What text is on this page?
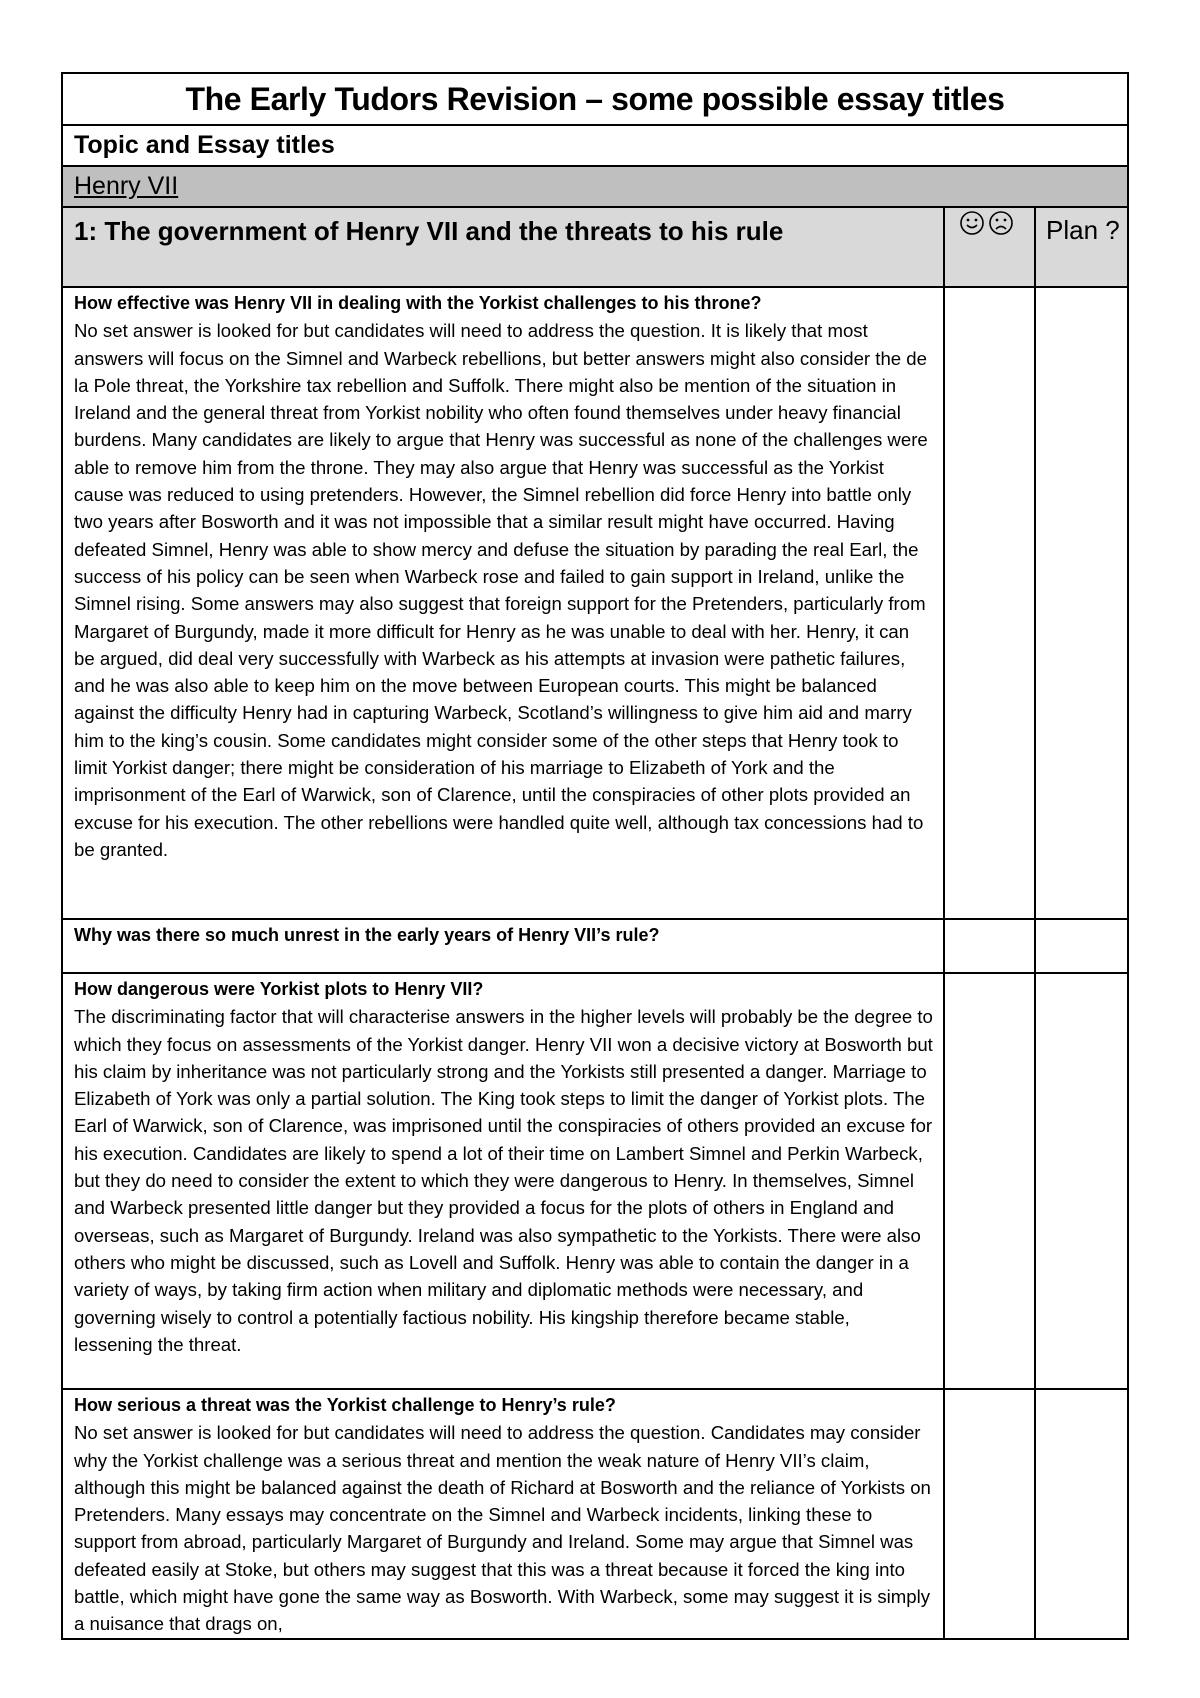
The Early Tudors Revision – some possible essay titles		
Topic and Essay titles		
Henry VII		
1: The government of Henry VII and the threats to his rule		Plan ?

How effective was Henry VII in dealing with the Yorkist challenges to his throne?
No set answer is looked for but candidates will need to address the question. It is likely that most answers will focus on the Simnel and Warbeck rebellions, but better answers might also consider the de la Pole threat, the Yorkshire tax rebellion and Suffolk. There might also be mention of the situation in Ireland and the general threat from Yorkist nobility who often found themselves under heavy financial burdens. Many candidates are likely to argue that Henry was successful as none of the challenges were able to remove him from the throne. They may also argue that Henry was successful as the Yorkist cause was reduced to using pretenders. However, the Simnel rebellion did force Henry into battle only two years after Bosworth and it was not impossible that a similar result might have occurred. Having defeated Simnel, Henry was able to show mercy and defuse the situation by parading the real Earl, the success of his policy can be seen when Warbeck rose and failed to gain support in Ireland, unlike the Simnel rising. Some answers may also suggest that foreign support for the Pretenders, particularly from Margaret of Burgundy, made it more difficult for Henry as he was unable to deal with her. Henry, it can be argued, did deal very successfully with Warbeck as his attempts at invasion were pathetic failures, and he was also able to keep him on the move between European courts. This might be balanced against the difficulty Henry had in capturing Warbeck, Scotland’s willingness to give him aid and marry him to the king’s cousin. Some candidates might consider some of the other steps that Henry took to limit Yorkist danger; there might be consideration of his marriage to Elizabeth of York and the imprisonment of the Earl of Warwick, son of Clarence, until the conspiracies of other plots provided an excuse for his execution. The other rebellions were handled quite well, although tax concessions had to be granted.		

Why was there so much unrest in the early years of Henry VII’s rule?		

How dangerous were Yorkist plots to Henry VII?
The discriminating factor that will characterise answers in the higher levels will probably be the degree to which they focus on assessments of the Yorkist danger. Henry VII won a decisive victory at Bosworth but his claim by inheritance was not particularly strong and the Yorkists still presented a danger. Marriage to Elizabeth of York was only a partial solution. The King took steps to limit the danger of Yorkist plots. The Earl of Warwick, son of Clarence, was imprisoned until the conspiracies of others provided an excuse for his execution. Candidates are likely to spend a lot of their time on Lambert Simnel and Perkin Warbeck, but they do need to consider the extent to which they were dangerous to Henry. In themselves, Simnel and Warbeck presented little danger but they provided a focus for the plots of others in England and overseas, such as Margaret of Burgundy. Ireland was also sympathetic to the Yorkists. There were also others who might be discussed, such as Lovell and Suffolk. Henry was able to contain the danger in a variety of ways, by taking firm action when military and diplomatic methods were necessary, and governing wisely to control a potentially factious nobility. His kingship therefore became stable, lessening the threat.		

How serious a threat was the Yorkist challenge to Henry’s rule?
No set answer is looked for but candidates will need to address the question. Candidates may consider why the Yorkist challenge was a serious threat and mention the weak nature of Henry VII’s claim, although this might be balanced against the death of Richard at Bosworth and the reliance of Yorkists on Pretenders. Many essays may concentrate on the Simnel and Warbeck incidents, linking these to support from abroad, particularly Margaret of Burgundy and Ireland. Some may argue that Simnel was defeated easily at Stoke, but others may suggest that this was a threat because it forced the king into battle, which might have gone the same way as Bosworth. With Warbeck, some may suggest it is simply a nuisance that drags on,		
